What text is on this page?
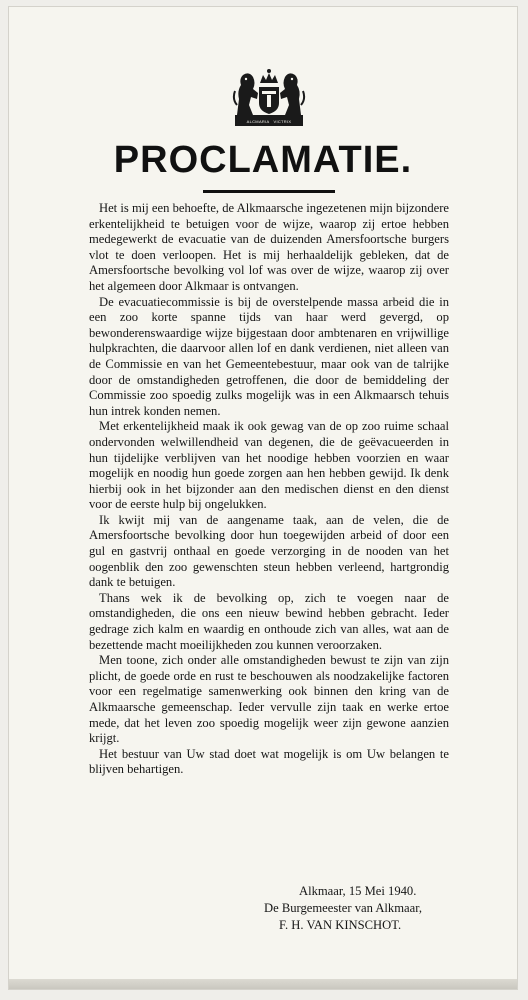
ALCMARIA VICTRIX
PROCLAMATIE.

Het is mij een behoefte, de Alkmaarsche ingezetenen mijn bijzondere erkentelijkheid te betuigen voor de wijze, waarop zij ertoe hebben medegewerkt de evacuatie van de duizenden Amersfoortsche burgers vlot te doen verloopen. Het is mij herhaaldelijk gebleken, dat de Amersfoortsche bevolking vol lof was over de wijze, waarop zij over het algemeen door Alkmaar is ontvangen.

De evacuatiecommissie is bij de overstelpende massa arbeid die in een zoo korte spanne tijds van haar werd gevergd, op bewonderenswaardige wijze bijgestaan door ambtenaren en vrijwillige hulpkrachten, die daarvoor allen lof en dank verdienen, niet alleen van de Commissie en van het Gemeentebestuur, maar ook van de talrijke door de omstandigheden getroffenen, die door de bemiddeling der Commissie zoo spoedig zulks mogelijk was in een Alkmaarsch tehuis hun intrek konden nemen.

Met erkentelijkheid maak ik ook gewag van de op zoo ruime schaal ondervonden welwillendheid van degenen, die de geëvacueerden in hun tijdelijke verblijven van het noodige hebben voorzien en waar mogelijk en noodig hun goede zorgen aan hen hebben gewijd. Ik denk hierbij ook in het bijzonder aan den medischen dienst en den dienst voor de eerste hulp bij ongelukken.

Ik kwijt mij van de aangename taak, aan de velen, die de Amersfoortsche bevolking door hun toegewijden arbeid of door een gul en gastvrij onthaal en goede verzorging in de nooden van het oogenblik den zoo gewenschten steun hebben verleend, hartgrondig dank te betuigen.

Thans wek ik de bevolking op, zich te voegen naar de omstandigheden, die ons een nieuw bewind hebben gebracht. Ieder gedrage zich kalm en waardig en onthoude zich van alles, wat aan de bezettende macht moeilijkheden zou kunnen veroorzaken.

Men toone, zich onder alle omstandigheden bewust te zijn van zijn plicht, de goede orde en rust te beschouwen als noodzakelijke factoren voor een regelmatige samenwerking ook binnen den kring van de Alkmaarsche gemeenschap. Ieder vervulle zijn taak en werke ertoe mede, dat het leven zoo spoedig mogelijk weer zijn gewone aanzien krijgt.

Het bestuur van Uw stad doet wat mogelijk is om Uw belangen te blijven behartigen.

Alkmaar, 15 Mei 1940.
De Burgemeester van Alkmaar,
F. H. VAN KINSCHOT.
